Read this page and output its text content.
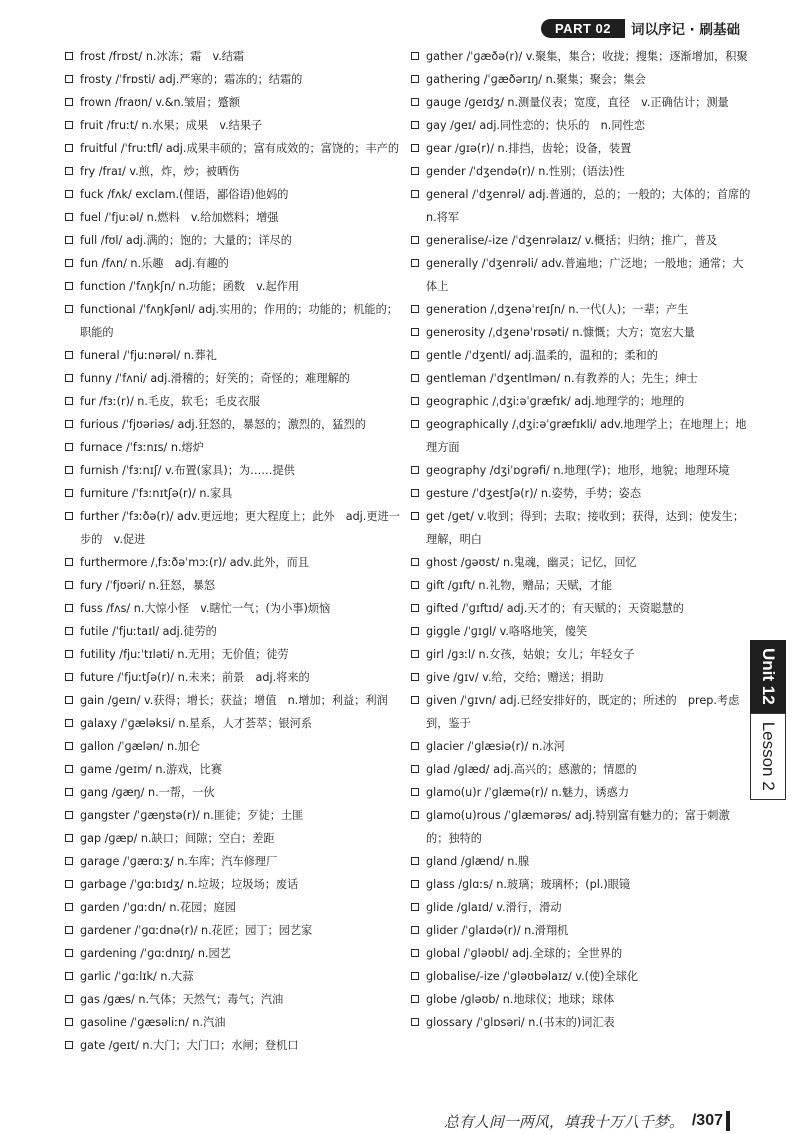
PART 02	词以序记 · 刷基础
frost /frɒst/ n.冰冻；霜　v.结霜
frosty /ˈfrɒsti/ adj.严寒的；霜冻的；结霜的
frown /fraʊn/ v.&n.皱眉；蹙额
fruit /fruːt/ n.水果；成果　v.结果子
fruitful /ˈfruːtfl/ adj.成果丰硕的；富有成效的；富饶的；丰产的
fry /fraɪ/ v.煎，炸，炒；被晒伤
fuck /fʌk/ exclam.(俚语，鄙俗语)他妈的
fuel /ˈfjuːəl/ n.燃料　v.给加燃料；增强
full /fʊl/ adj.满的；饱的；大量的；详尽的
fun /fʌn/ n.乐趣　adj.有趣的
function /ˈfʌŋkʃn/ n.功能；函数　v.起作用
functional /ˈfʌŋkʃənl/ adj.实用的；作用的；功能的；机能的；职能的
funeral /ˈfjuːnərəl/ n.葬礼
funny /ˈfʌni/ adj.滑稽的；好笑的；奇怪的；难理解的
fur /fɜː(r)/ n.毛皮，软毛；毛皮衣服
furious /ˈfjʊəriəs/ adj.狂怒的，暴怒的；激烈的，猛烈的
furnace /ˈfɜːnɪs/ n.熔炉
furnish /ˈfɜːnɪʃ/ v.布置(家具)；为……提供
furniture /ˈfɜːnɪtʃə(r)/ n.家具
further /ˈfɜːðə(r)/ adv.更远地；更大程度上；此外　adj.更进一步的　v.促进
furthermore /ˌfɜːðəˈmɔː(r)/ adv.此外，而且
fury /ˈfjʊəri/ n.狂怒，暴怒
fuss /fʌs/ n.大惊小怪　v.瞎忙一气；(为小事)烦恼
futile /ˈfjuːtaɪl/ adj.徒劳的
futility /fjuːˈtɪləti/ n.无用；无价值；徒劳
future /ˈfjuːtʃə(r)/ n.未来；前景　adj.将来的
gain /ɡeɪn/ v.获得；增长；获益；增值　n.增加；利益；利润
galaxy /ˈɡæləksi/ n.星系，人才荟萃；银河系
gallon /ˈɡælən/ n.加仑
game /ɡeɪm/ n.游戏，比赛
gang /ɡæŋ/ n.一帮，一伙
gangster /ˈɡæŋstə(r)/ n.匪徒；歹徒；土匪
gap /ɡæp/ n.缺口；间隙；空白；差距
garage /ˈɡærɑːʒ/ n.车库；汽车修理厂
garbage /ˈɡɑːbɪdʒ/ n.垃圾；垃圾场；废话
garden /ˈɡɑːdn/ n.花园；庭园
gardener /ˈɡɑːdnə(r)/ n.花匠；园丁；园艺家
gardening /ˈɡɑːdnɪŋ/ n.园艺
garlic /ˈɡɑːlɪk/ n.大蒜
gas /ɡæs/ n.气体；天然气；毒气；汽油
gasoline /ˈɡæsəliːn/ n.汽油
gate /ɡeɪt/ n.大门；大门口；水闸；登机口
gather /ˈɡæðə(r)/ v.聚集，集合；收拢；搜集；逐渐增加，积聚
gathering /ˈɡæðərɪŋ/ n.聚集；聚会；集会
gauge /ɡeɪdʒ/ n.测量仪表；宽度，直径　v.正确估计；测量
gay /ɡeɪ/ adj.同性恋的；快乐的　n.同性恋
gear /ɡɪə(r)/ n.排挡，齿轮；设备，装置
gender /ˈdʒendə(r)/ n.性别；(语法)性
general /ˈdʒenrəl/ adj.普通的，总的；一般的；大体的；首席的　n.将军
generalise/-ize /ˈdʒenrəlaɪz/ v.概括；归纳；推广，普及
generally /ˈdʒenrəli/ adv.普遍地；广泛地；一般地；通常；大体上
generation /ˌdʒenəˈreɪʃn/ n.一代(人)；一辈；产生
generosity /ˌdʒenəˈrɒsəti/ n.慷慨；大方；宽宏大量
gentle /ˈdʒentl/ adj.温柔的，温和的；柔和的
gentleman /ˈdʒentlmən/ n.有教养的人；先生；绅士
geographic /ˌdʒiːəˈɡræfɪk/ adj.地理学的；地理的
geographically /ˌdʒiːəˈɡræfɪkli/ adv.地理学上；在地理上；地理方面
geography /dʒiˈɒɡrəfi/ n.地理(学)；地形，地貌；地理环境
gesture /ˈdʒestʃə(r)/ n.姿势，手势；姿态
get /ɡet/ v.收到；得到；去取；接收到；获得，达到；使发生；理解，明白
ghost /ɡəʊst/ n.鬼魂，幽灵；记忆，回忆
gift /ɡɪft/ n.礼物，赠品；天赋，才能
gifted /ˈɡɪftɪd/ adj.天才的；有天赋的；天资聪慧的
giggle /ˈɡɪɡl/ v.咯咯地笑，傻笑
girl /ɡɜːl/ n.女孩，姑娘；女儿；年轻女子
give /ɡɪv/ v.给，交给；赠送；捐助
given /ˈɡɪvn/ adj.已经安排好的，既定的；所述的　prep.考虑到，鉴于
glacier /ˈɡlæsiə(r)/ n.冰河
glad /ɡlæd/ adj.高兴的；感激的；情愿的
glamo(u)r /ˈɡlæmə(r)/ n.魅力，诱惑力
glamo(u)rous /ˈɡlæmərəs/ adj.特别富有魅力的；富于刺激的；独特的
gland /ɡlænd/ n.腺
glass /ɡlɑːs/ n.玻璃；玻璃杯；(pl.)眼镜
glide /ɡlaɪd/ v.滑行，滑动
glider /ˈɡlaɪdə(r)/ n.滑翔机
global /ˈɡləʊbl/ adj.全球的；全世界的
globalise/-ize /ˈɡləʊbəlaɪz/ v.(使)全球化
globe /ɡləʊb/ n.地球仪；地球；球体
glossary /ˈɡlɒsəri/ n.(书末的)词汇表
Unit 12
Lesson 2
总有人间一两风，填我十万八千梦。 /307
